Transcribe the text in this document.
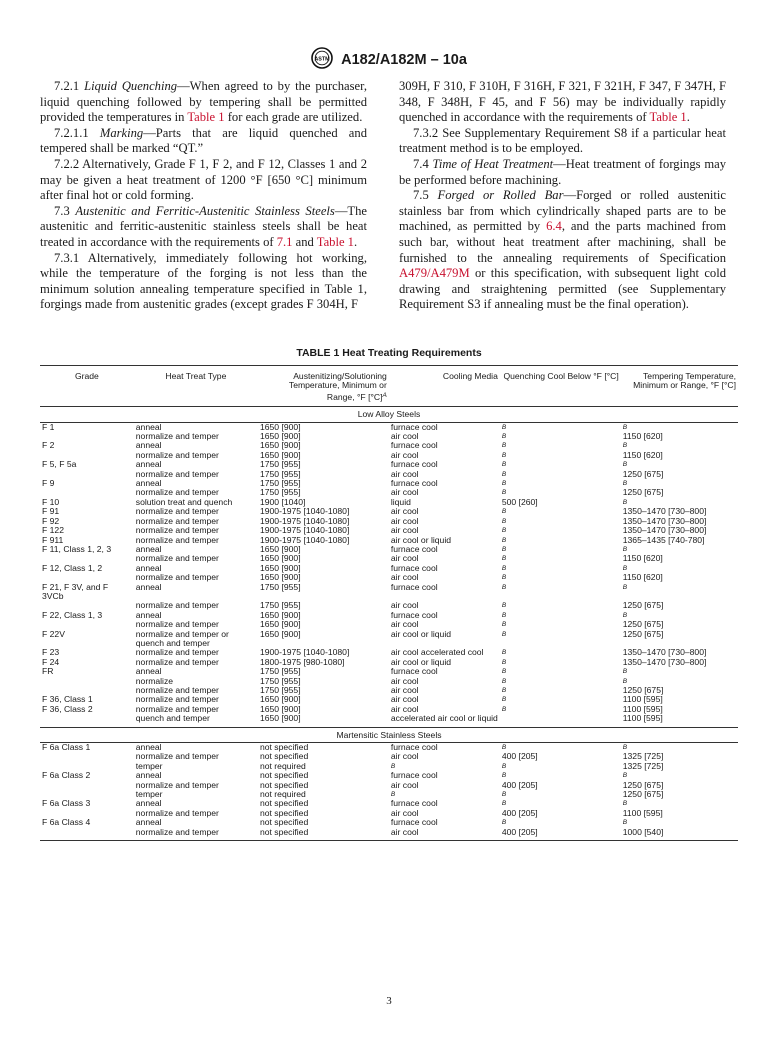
ASTM A182/A182M – 10a

7.2.1 Liquid Quenching—When agreed to by the purchaser, liquid quenching followed by tempering shall be permitted provided the temperatures in Table 1 for each grade are utilized.

7.2.1.1 Marking—Parts that are liquid quenched and tempered shall be marked “QT.”

7.2.2 Alternatively, Grade F 1, F 2, and F 12, Classes 1 and 2 may be given a heat treatment of 1200 °F [650 °C] minimum after final hot or cold forming.

7.3 Austenitic and Ferritic-Austenitic Stainless Steels—The austenitic and ferritic-austenitic stainless steels shall be heat treated in accordance with the requirements of 7.1 and Table 1.

7.3.1 Alternatively, immediately following hot working, while the temperature of the forging is not less than the minimum solution annealing temperature specified in Table 1, forgings made from austenitic grades (except grades F 304H, F

309H, F 310, F 310H, F 316H, F 321, F 321H, F 347, F 347H, F 348, F 348H, F 45, and F 56) may be individually rapidly quenched in accordance with the requirements of Table 1.

7.3.2 See Supplementary Requirement S8 if a particular heat treatment method is to be employed.

7.4 Time of Heat Treatment—Heat treatment of forgings may be performed before machining.

7.5 Forged or Rolled Bar—Forged or rolled austenitic stainless bar from which cylindrically shaped parts are to be machined, as permitted by 6.4, and the parts machined from such bar, without heat treatment after machining, shall be furnished to the annealing requirements of Specification A479/A479M or this specification, with subsequent light cold drawing and straightening permitted (see Supplementary Requirement S3 if annealing must be the final operation).

TABLE 1 Heat Treating Requirements
Grade	Heat Treat Type	Austenitizing/Solutioning Temperature, Minimum or Range, °F $[^\circ C]^A$	Cooling Media	Quenching Cool Below °F [°C]	Tempering Temperature, Minimum or Range, °F [°C]
Low Alloy Steels					
F 1	anneal	1650 [900]	furnace cool	B	B
	normalize and temper	1650 [900]	air cool	B	1150 [620]
F 2	anneal	1650 [900]	furnace cool	B	B
	normalize and temper	1650 [900]	air cool	B	1150 [620]
F 5, F 5a	anneal	1750 [955]	furnace cool	B	B
	normalize and temper	1750 [955]	air cool	B	1250 [675]
F 9	anneal	1750 [955]	furnace cool	B	B
	normalize and temper	1750 [955]	air cool	B	1250 [675]
F 10	solution treat and quench	1900 [1040]	liquid	500 [260]	B
F 91	normalize and temper	1900-1975 [1040-1080]	air cool	B	1350–1470 [730–800]
F 92	normalize and temper	1900-1975 [1040-1080]	air cool	B	1350–1470 [730–800]
F 122	normalize and temper	1900-1975 [1040-1080]	air cool	B	1350–1470 [730–800]
F 911	normalize and temper	1900-1975 [1040-1080]	air cool or liquid	B	1365–1435 [740-780]
F 11, Class 1, 2, 3	anneal	1650 [900]	furnace cool	B	B
	normalize and temper	1650 [900]	air cool	B	1150 [620]
F 12, Class 1, 2	anneal	1650 [900]	furnace cool	B	B
	normalize and temper	1650 [900]	air cool	B	1150 [620]
F 21, F 3V, and F 3VCb	anneal	1750 [955]	furnace cool	B	B
	normalize and temper	1750 [955]	air cool	B	1250 [675]
F 22, Class 1, 3	anneal	1650 [900]	furnace cool	B	B
	normalize and temper	1650 [900]	air cool	B	1250 [675]
F 22V	normalize and temper or quench and temper	1650 [900]	air cool or liquid	B	1250 [675]
F 23	normalize and temper	1900-1975 [1040-1080]	air cool accelerated cool	B	1350–1470 [730–800]
F 24	normalize and temper	1800-1975 [980-1080]	air cool or liquid	B	1350–1470 [730–800]
FR	anneal	1750 [955]	furnace cool	B	B
	normalize	1750 [955]	air cool	B	B
	normalize and temper	1750 [955]	air cool	B	1250 [675]
F 36, Class 1	normalize and temper	1650 [900]	air cool	B	1100 [595]
F 36, Class 2	normalize and temper	1650 [900]	air cool	B	1100 [595]
	quench and temper	1650 [900]	accelerated air cool or liquid		1100 [595]
Martensitic Stainless Steels					
F 6a Class 1	anneal	not specified	furnace cool	B	B
	normalize and temper	not specified	air cool	400 [205]	1325 [725]
	temper	not required	B	B	1325 [725]
F 6a Class 2	anneal	not specified	furnace cool	B	B
	normalize and temper	not specified	air cool	400 [205]	1250 [675]
	temper	not required	B	B	1250 [675]
F 6a Class 3	anneal	not specified	furnace cool	B	B
	normalize and temper	not specified	air cool	400 [205]	1100 [595]
F 6a Class 4	anneal	not specified	furnace cool	B	B
	normalize and temper	not specified	air cool	400 [205]	1000 [540]
3
